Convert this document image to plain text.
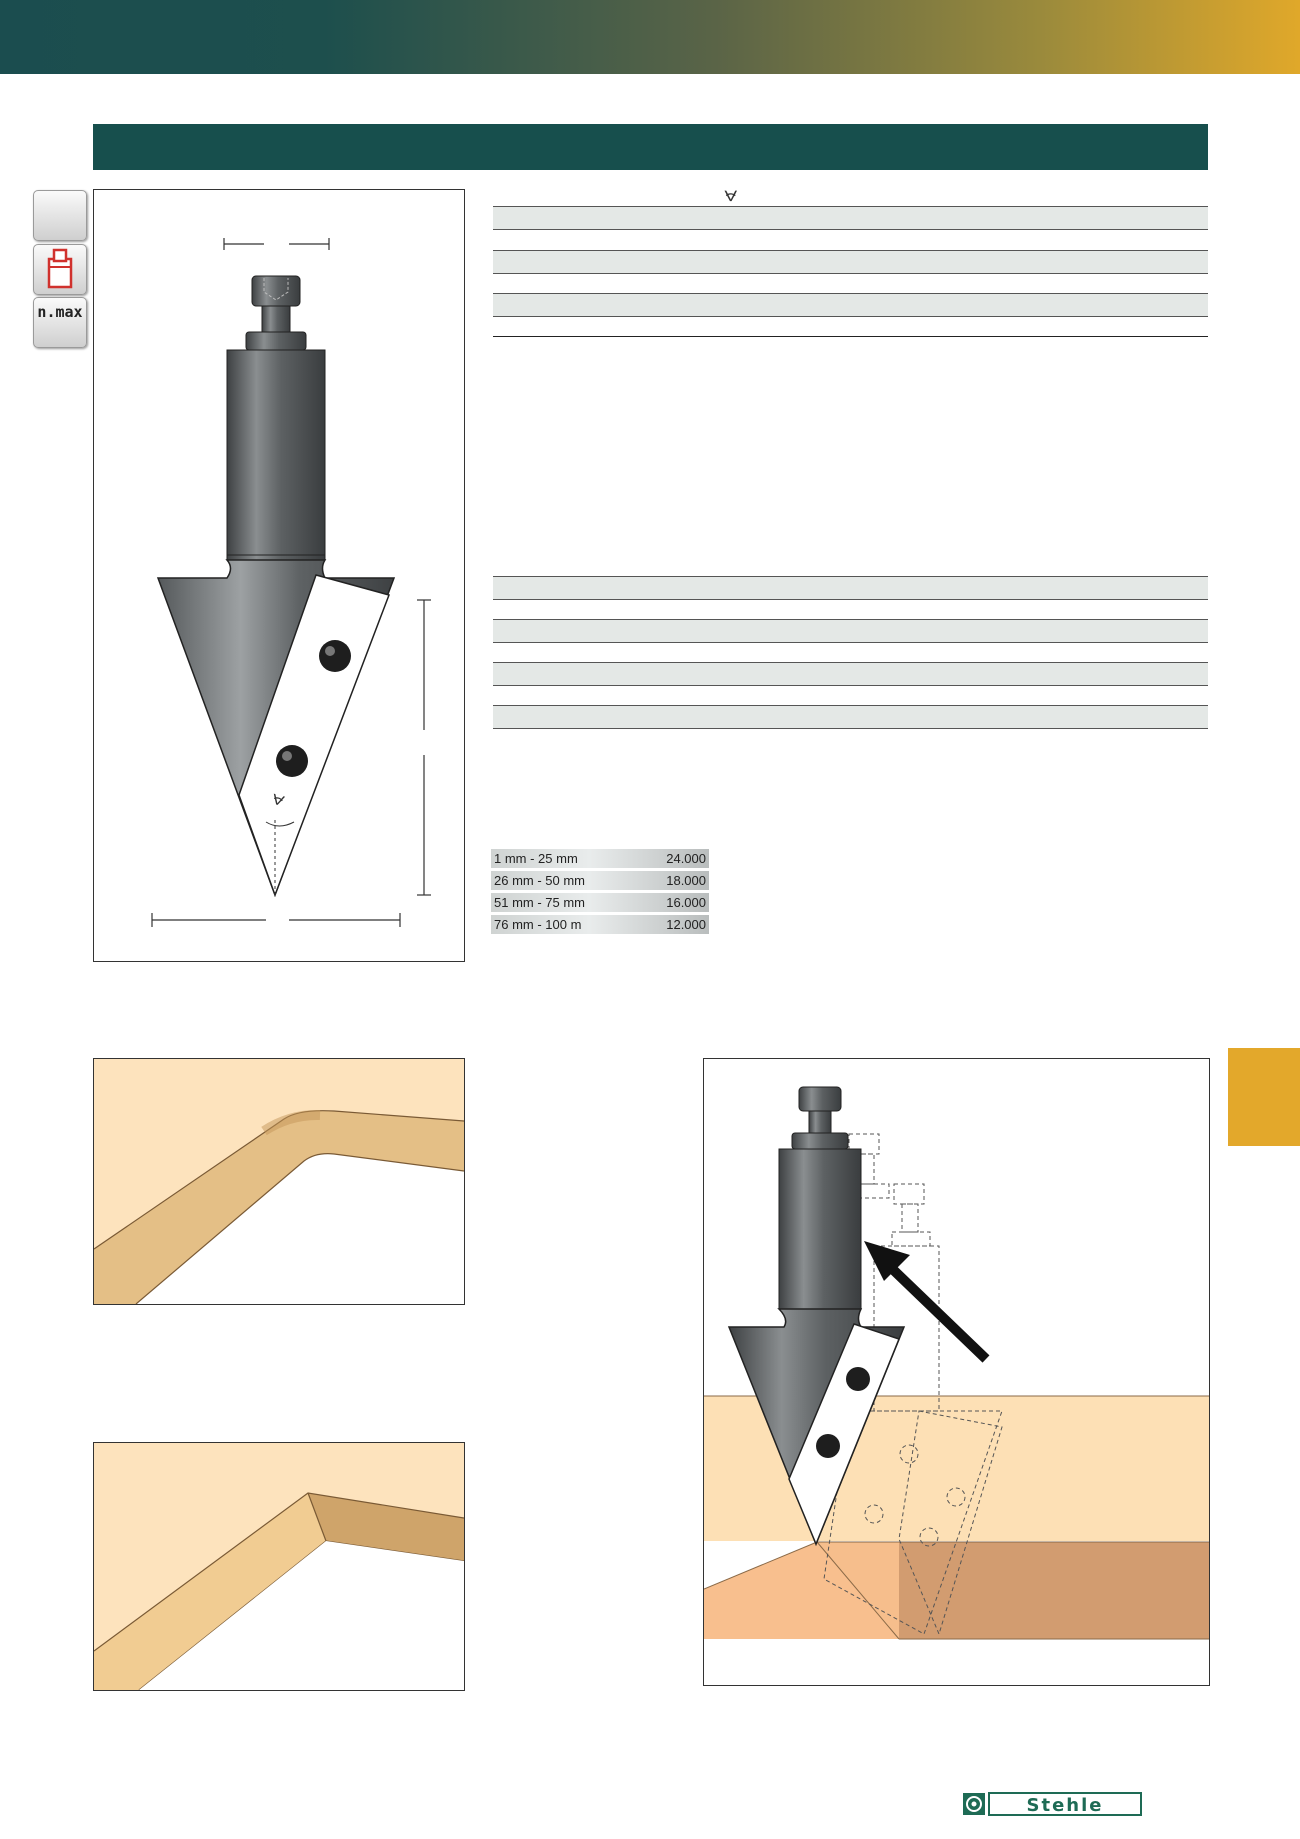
n.max
∢
∢
1 mm - 25 mm	24.000
26 mm - 50 mm	18.000
51 mm - 75 mm	16.000
76 mm - 100 m	12.000
Stehle
